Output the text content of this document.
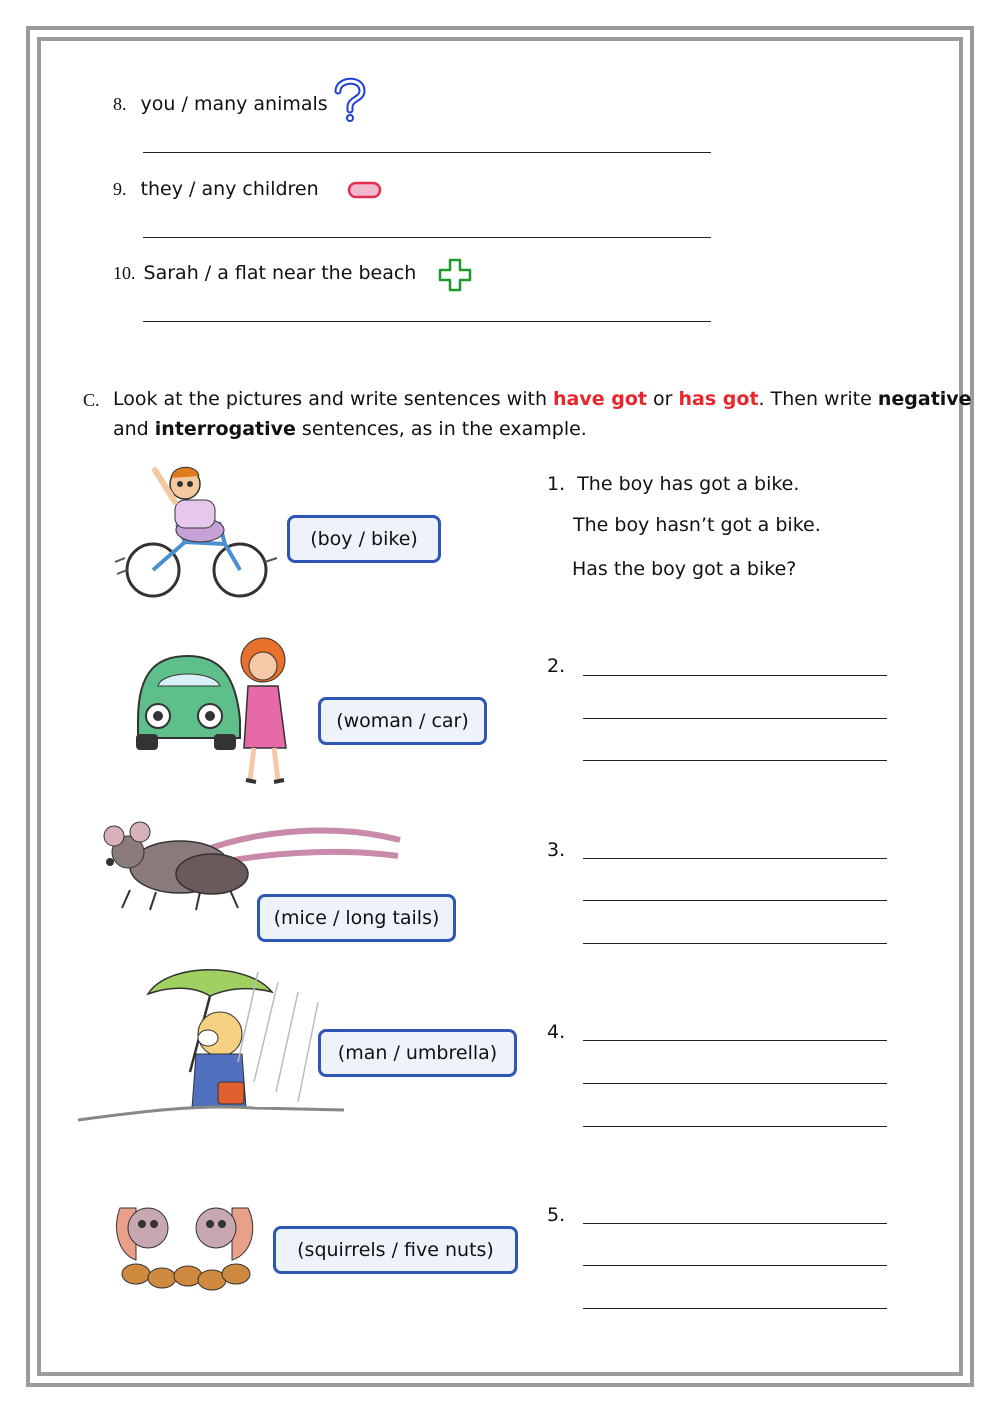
8. you / many animals
9. they / any children
10. Sarah / a flat near the beach
C. Look at the pictures and write sentences with have got or has got. Then write negative
and interrogative sentences, as in the example.
(boy / bike)
1. The boy has got a bike.
The boy hasn’t got a bike.
Has the boy got a bike?
(woman / car)
(mice / long tails)
(man / umbrella)
(squirrels / five nuts)
2.
3.
4.
5.
